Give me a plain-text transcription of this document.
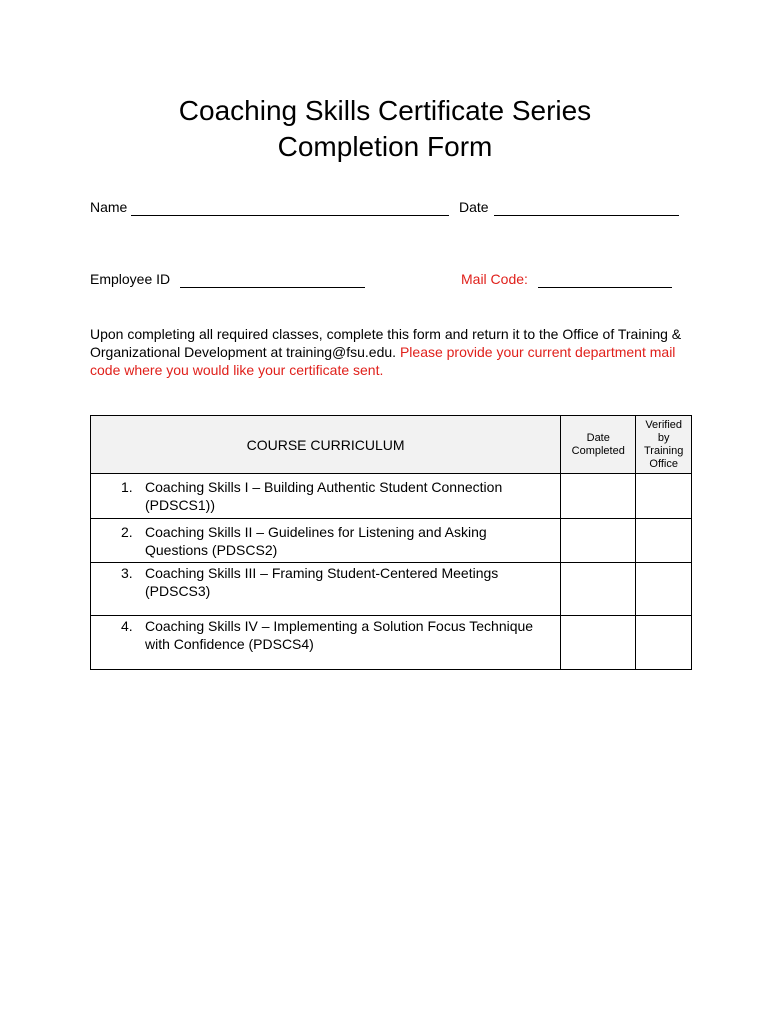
Coaching Skills Certificate Series
Completion Form
Name	Date
Employee ID	Mail Code:
Upon completing all required classes, complete this form and return it to the Office of Training & Organizational Development at training@fsu.edu. Please provide your current department mail code where you would like your certificate sent.
COURSE CURRICULUM	Date Completed	Verified by Training Office

1. Coaching Skills I – Building Authentic Student Connection (PDSCS1))		

2. Coaching Skills II – Guidelines for Listening and Asking Questions (PDSCS2)		

3. Coaching Skills III – Framing Student-Centered Meetings (PDSCS3)		

4. Coaching Skills IV – Implementing a Solution Focus Technique with Confidence (PDSCS4)		
